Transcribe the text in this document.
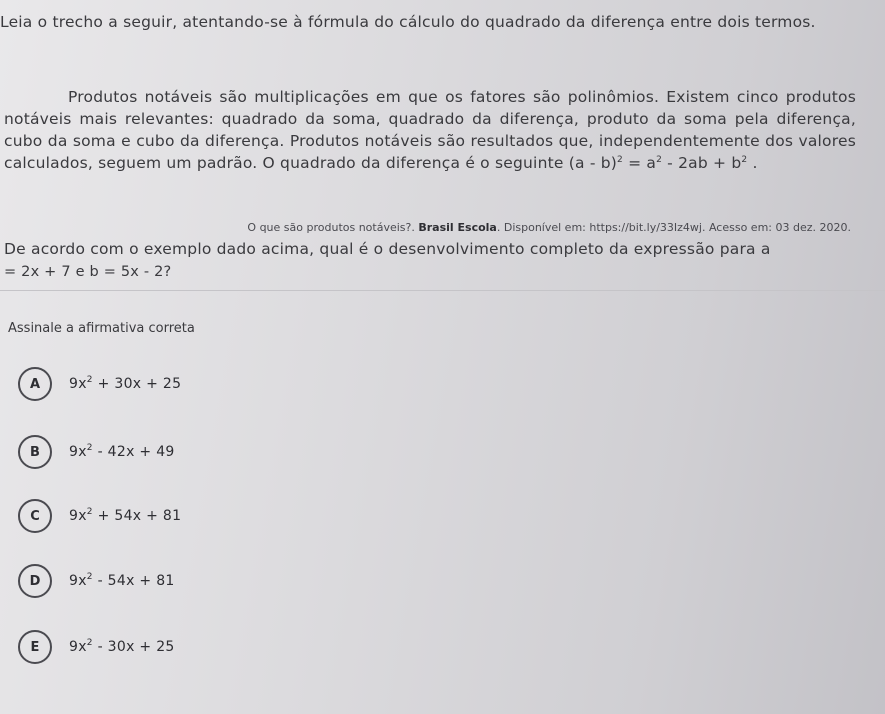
Leia o trecho a seguir, atentando-se à fórmula do cálculo do quadrado da diferença entre dois termos.

Produtos notáveis são multiplicações em que os fatores são polinômios. Existem cinco produtos notáveis mais relevantes: quadrado da soma, quadrado da diferença, produto da soma pela diferença, cubo da soma e cubo da diferença. Produtos notáveis são resultados que, independentemente dos valores calculados, seguem um padrão. O quadrado da diferença é o seguinte $(a - b)^2 = a^2 - 2ab + b^2$ .

O que são produtos notáveis?. Brasil Escola. Disponível em: https://bit.ly/33Iz4wj. Acesso em: 03 dez. 2020.

De acordo com o exemplo dado acima, qual é o desenvolvimento completo da expressão para a
= 2x + 7 e b = 5x - 2?

Assinale a afirmativa correta

A	$9x^2 + 30x + 25$
B	$9x^2 - 42x + 49$
C	$9x^2 + 54x + 81$
D	$9x^2 - 54x + 81$
E	$9x^2 - 30x + 25$
